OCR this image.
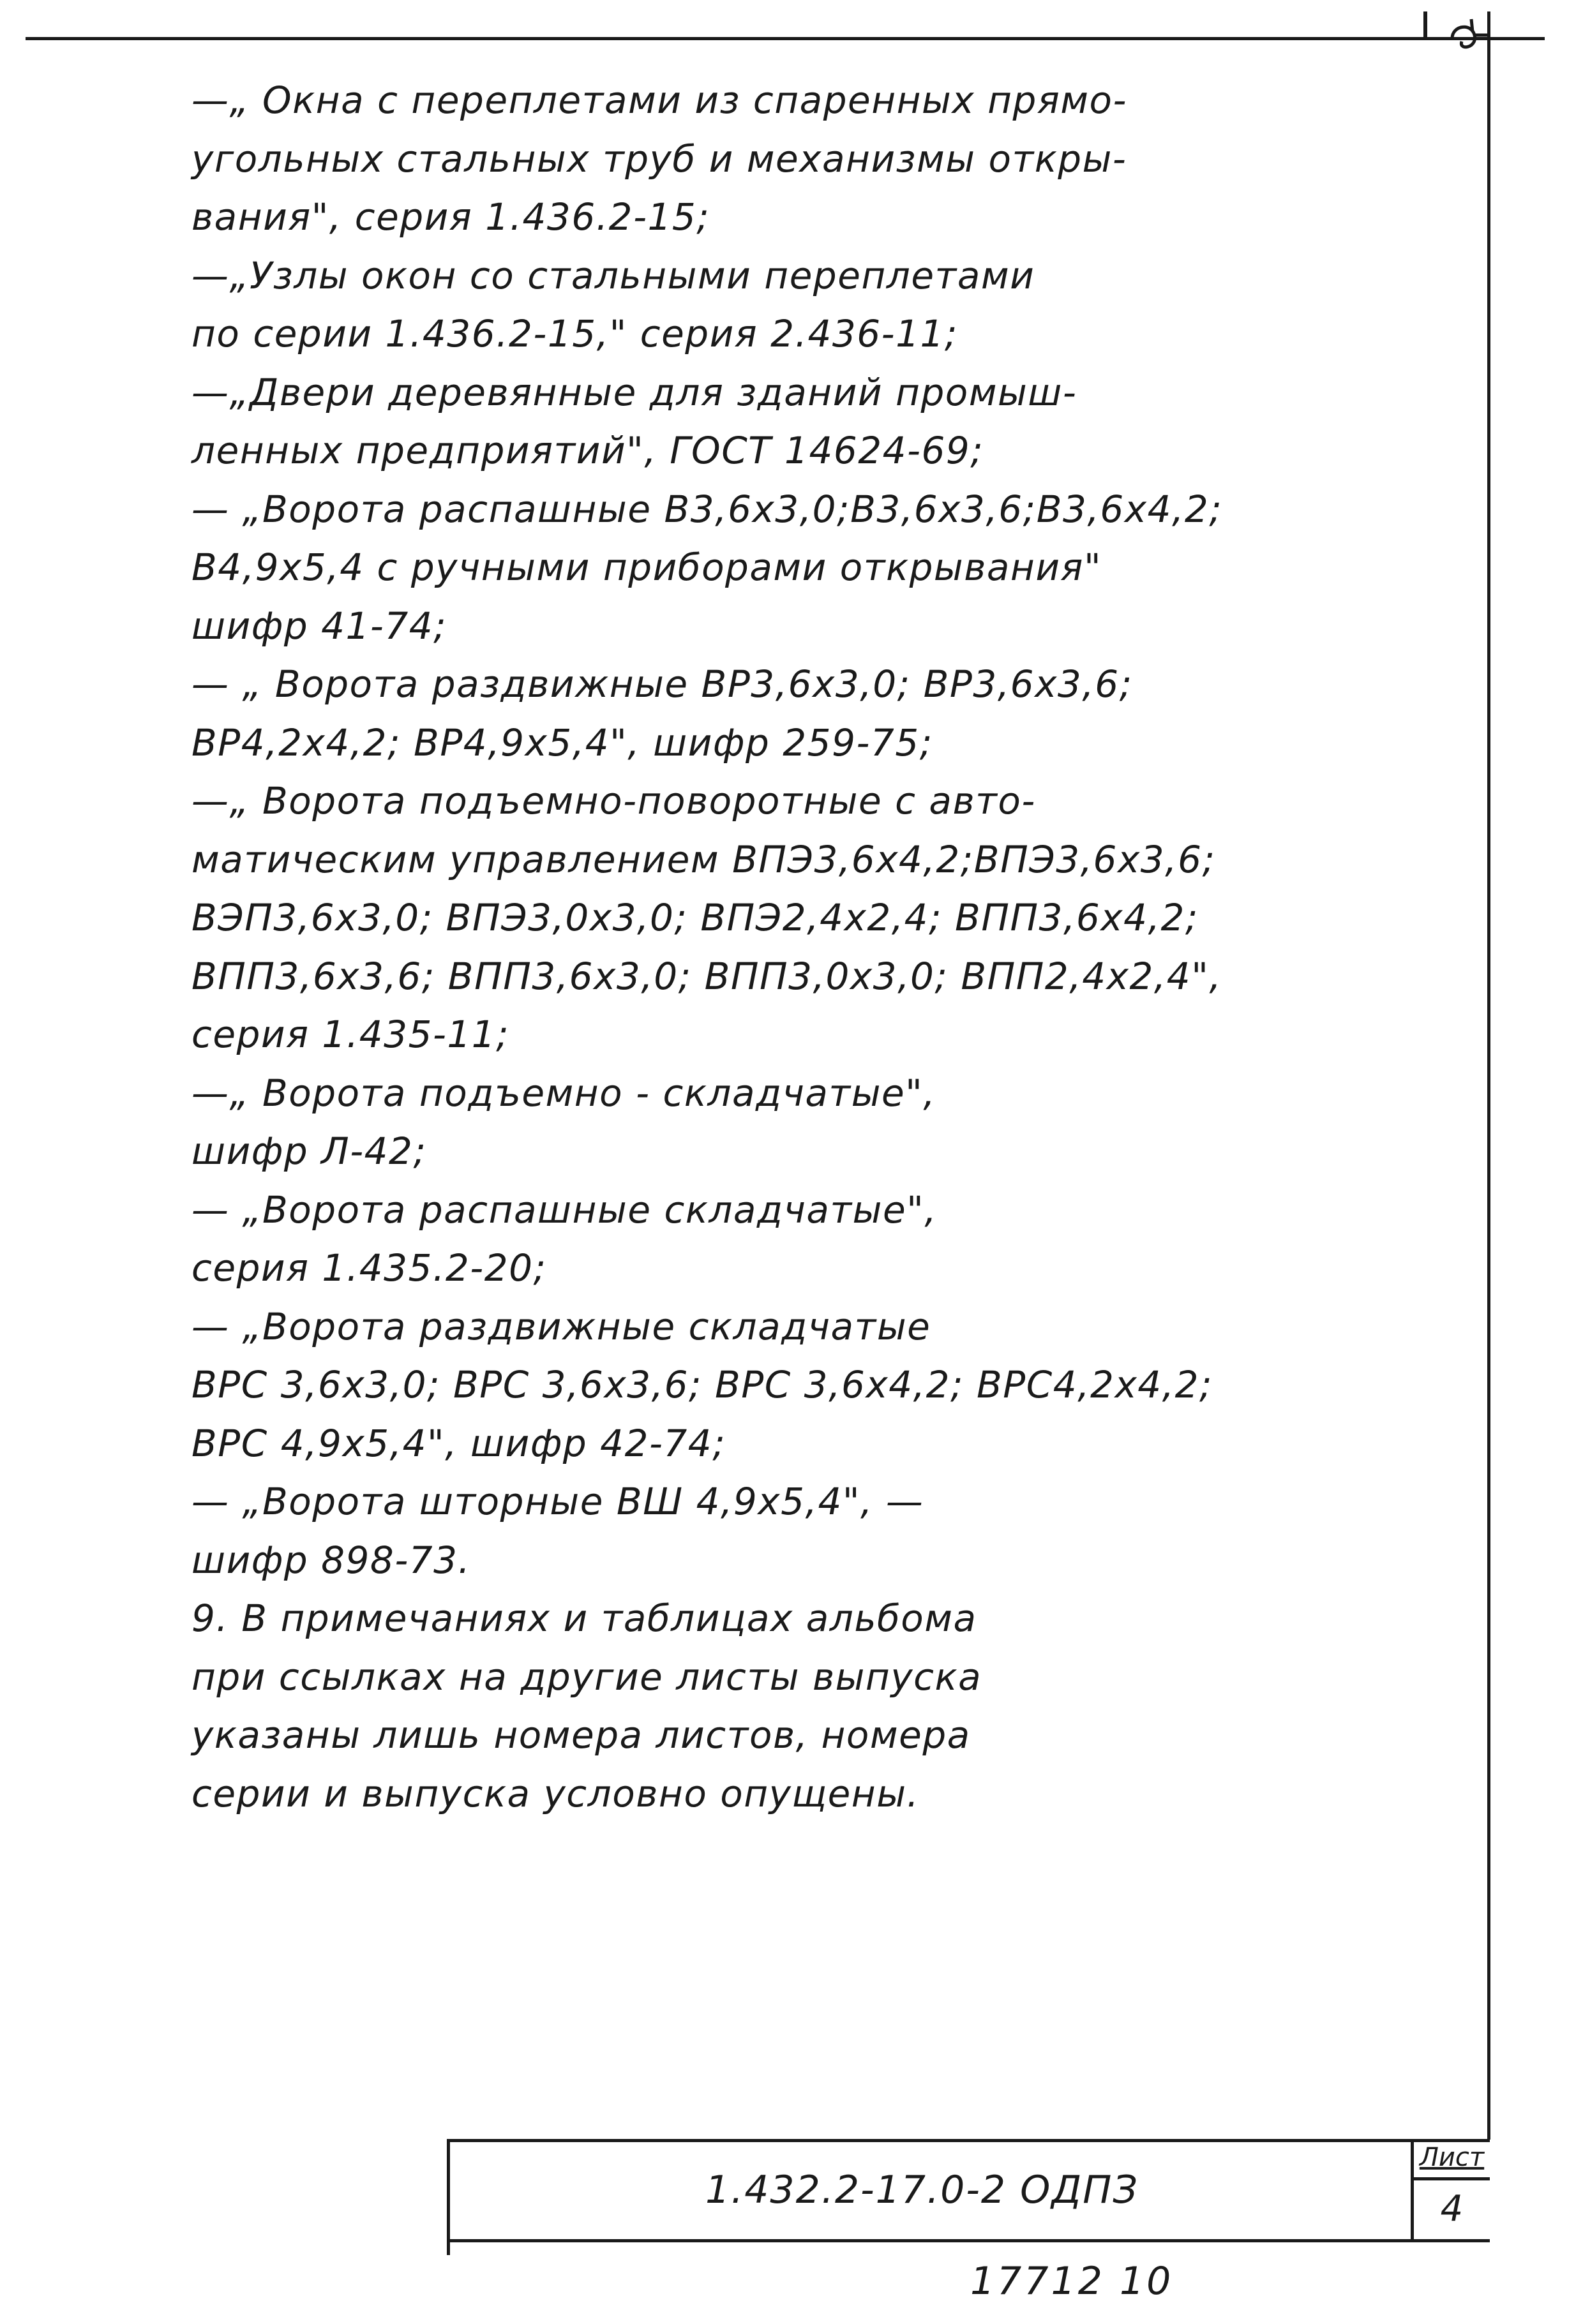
—„ Окна с переплетами из спаренных прямо-
угольных стальных труб и механизмы откры-
вания", серия 1.436.2-15;
—„Узлы окон со стальными переплетами
по серии 1.436.2-15," серия 2.436-11;
—„Двери деревянные для зданий промыш-
ленных предприятий", ГОСТ 14624-69;
— „Ворота распашные В3,6х3,0;В3,6х3,6;В3,6х4,2;
В4,9х5,4 с ручными приборами открывания"
шифр 41-74;
— „ Ворота раздвижные ВР3,6х3,0; ВР3,6х3,6;
ВР4,2х4,2; ВР4,9х5,4", шифр 259-75;
—„ Ворота подъемно-поворотные с авто-
матическим управлением ВПЭ3,6х4,2;ВПЭ3,6х3,6;
ВЭП3,6х3,0; ВПЭ3,0х3,0; ВПЭ2,4х2,4; ВПП3,6х4,2;
ВПП3,6х3,6; ВПП3,6х3,0; ВПП3,0х3,0; ВПП2,4х2,4",
серия 1.435-11;
—„ Ворота подъемно - складчатые",
шифр Л-42;
— „Ворота распашные складчатые",
серия 1.435.2-20;
— „Ворота раздвижные складчатые
ВРС 3,6х3,0; ВРС 3,6х3,6; ВРС 3,6х4,2; ВРС4,2х4,2;
ВРС 4,9х5,4", шифр 42-74;
— „Ворота шторные ВШ 4,9х5,4", —
шифр 898-73.
9. В примечаниях и таблицах альбома
при ссылках на другие листы выпуска
указаны лишь номера листов, номера
серии и выпуска условно опущены.
1.432.2-17.0-2 ОДПЗ
Лист
4
17712 10
